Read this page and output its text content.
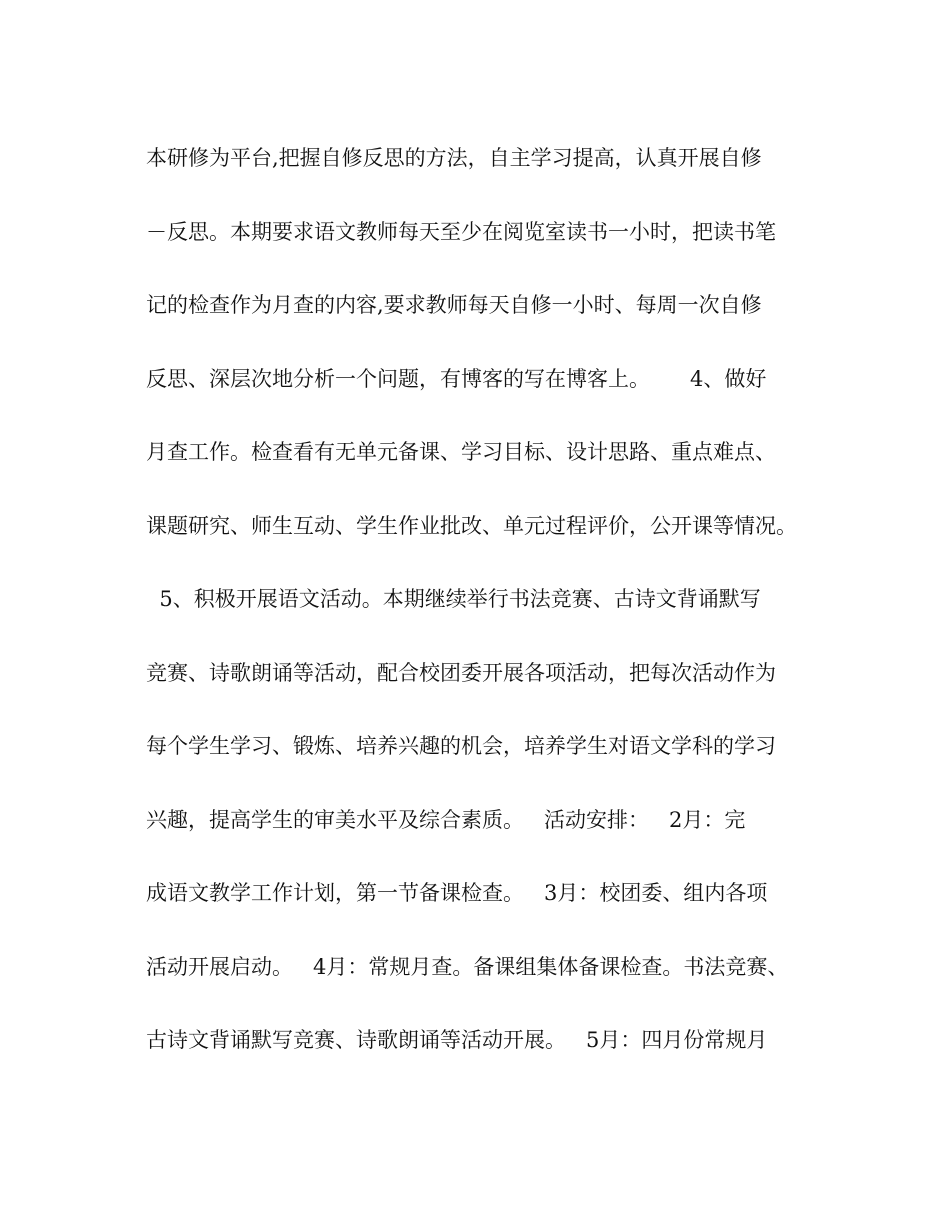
本研修为平台,把握自修反思的方法，自主学习提高，认真开展自修
－反思。本期要求语文教师每天至少在阅览室读书一小时，把读书笔
记的检查作为月查的内容,要求教师每天自修一小时、每周一次自修
反思、深层次地分析一个问题，有博客的写在博客上。      4、做好
月查工作。检查看有无单元备课、学习目标、设计思路、重点难点、
课题研究、师生互动、学生作业批改、单元过程评价，公开课等情况。
5、积极开展语文活动。本期继续举行书法竞赛、古诗文背诵默写
竞赛、诗歌朗诵等活动，配合校团委开展各项活动，把每次活动作为
每个学生学习、锻炼、培养兴趣的机会，培养学生对语文学科的学习
兴趣，提高学生的审美水平及综合素质。   活动安排：   2月：完
成语文教学工作计划，第一节备课检查。   3月：校团委、组内各项
活动开展启动。   4月：常规月查。备课组集体备课检查。书法竞赛、
古诗文背诵默写竞赛、诗歌朗诵等活动开展。   5月：四月份常规月
